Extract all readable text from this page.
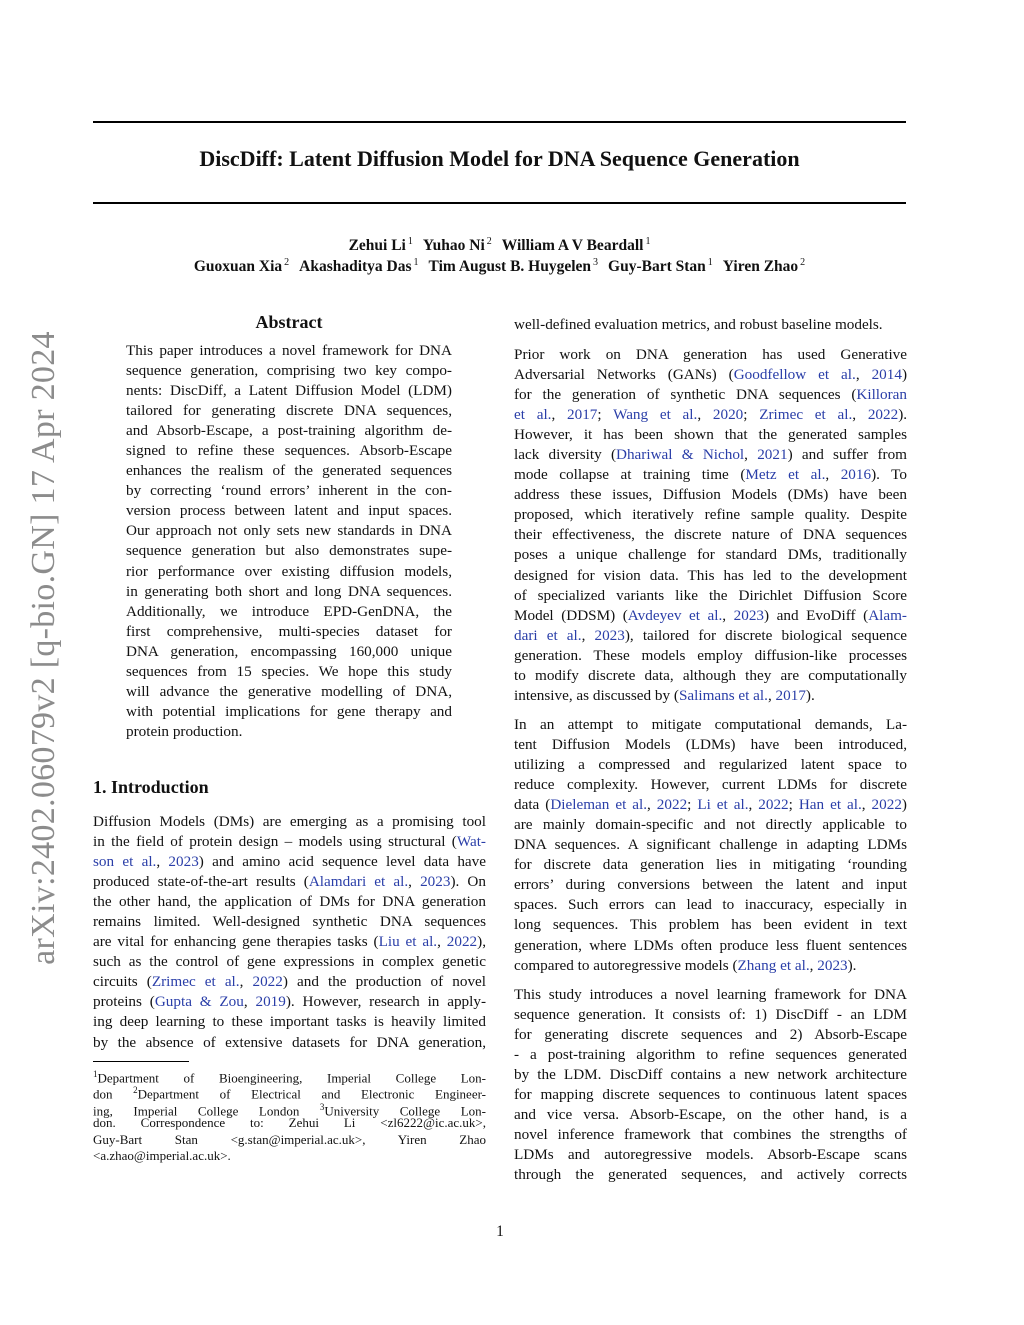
arXiv:2402.06079v2 [q-bio.GN] 17 Apr 2024
DiscDiff: Latent Diffusion Model for DNA Sequence Generation
Zehui Li $^1$ Yuhao Ni $^2$ William A V Beardall $^1$
Guoxuan Xia $^2$ Akashaditya Das $^1$ Tim August B. Huygelen $^3$ Guy-Bart Stan $^1$ Yiren Zhao $^2$
Abstract
This paper introduces a novel framework for DNA
sequence generation, comprising two key compo-
nents: DiscDiff, a Latent Diffusion Model (LDM)
tailored for generating discrete DNA sequences,
and Absorb-Escape, a post-training algorithm de-
signed to refine these sequences. Absorb-Escape
enhances the realism of the generated sequences
by correcting ‘round errors’ inherent in the con-
version process between latent and input spaces.
Our approach not only sets new standards in DNA
sequence generation but also demonstrates supe-
rior performance over existing diffusion models,
in generating both short and long DNA sequences.
Additionally, we introduce EPD-GenDNA, the
first comprehensive, multi-species dataset for
DNA generation, encompassing 160,000 unique
sequences from 15 species. We hope this study
will advance the generative modelling of DNA,
with potential implications for gene therapy and
protein production.
1. Introduction
Diffusion Models (DMs) are emerging as a promising tool
in the field of protein design – models using structural (Wat-
son et al., 2023) and amino acid sequence level data have
produced state-of-the-art results (Alamdari et al., 2023). On
the other hand, the application of DMs for DNA generation
remains limited. Well-designed synthetic DNA sequences
are vital for enhancing gene therapies tasks (Liu et al., 2022),
such as the control of gene expressions in complex genetic
circuits (Zrimec et al., 2022) and the production of novel
proteins (Gupta & Zou, 2019). However, research in apply-
ing deep learning to these important tasks is heavily limited
by the absence of extensive datasets for DNA generation,
$^1$Department of Bioengineering, Imperial College Lon-
don $^2$Department of Electrical and Electronic Engineer-
ing, Imperial College London $^3$University College Lon-
don. Correspondence to: Zehui Li <zl6222@ic.ac.uk>,
Guy-Bart Stan <g.stan@imperial.ac.uk>, Yiren Zhao
<a.zhao@imperial.ac.uk>.
well-defined evaluation metrics, and robust baseline models.
Prior work on DNA generation has used Generative
Adversarial Networks (GANs) (Goodfellow et al., 2014)
for the generation of synthetic DNA sequences (Killoran
et al., 2017; Wang et al., 2020; Zrimec et al., 2022).
However, it has been shown that the generated samples
lack diversity (Dhariwal & Nichol, 2021) and suffer from
mode collapse at training time (Metz et al., 2016). To
address these issues, Diffusion Models (DMs) have been
proposed, which iteratively refine sample quality. Despite
their effectiveness, the discrete nature of DNA sequences
poses a unique challenge for standard DMs, traditionally
designed for vision data. This has led to the development
of specialized variants like the Dirichlet Diffusion Score
Model (DDSM) (Avdeyev et al., 2023) and EvoDiff (Alam-
dari et al., 2023), tailored for discrete biological sequence
generation. These models employ diffusion-like processes
to modify discrete data, although they are computationally
intensive, as discussed by (Salimans et al., 2017).
In an attempt to mitigate computational demands, La-
tent Diffusion Models (LDMs) have been introduced,
utilizing a compressed and regularized latent space to
reduce complexity. However, current LDMs for discrete
data (Dieleman et al., 2022; Li et al., 2022; Han et al., 2022)
are mainly domain-specific and not directly applicable to
DNA sequences. A significant challenge in adapting LDMs
for discrete data generation lies in mitigating ‘rounding
errors’ during conversions between the latent and input
spaces. Such errors can lead to inaccuracy, especially in
long sequences. This problem has been evident in text
generation, where LDMs often produce less fluent sentences
compared to autoregressive models (Zhang et al., 2023).
This study introduces a novel learning framework for DNA
sequence generation. It consists of: 1) DiscDiff - an LDM
for generating discrete sequences and 2) Absorb-Escape
- a post-training algorithm to refine sequences generated
by the LDM. DiscDiff contains a new network architecture
for mapping discrete sequences to continuous latent spaces
and vice versa. Absorb-Escape, on the other hand, is a
novel inference framework that combines the strengths of
LDMs and autoregressive models. Absorb-Escape scans
through the generated sequences, and actively corrects
1
